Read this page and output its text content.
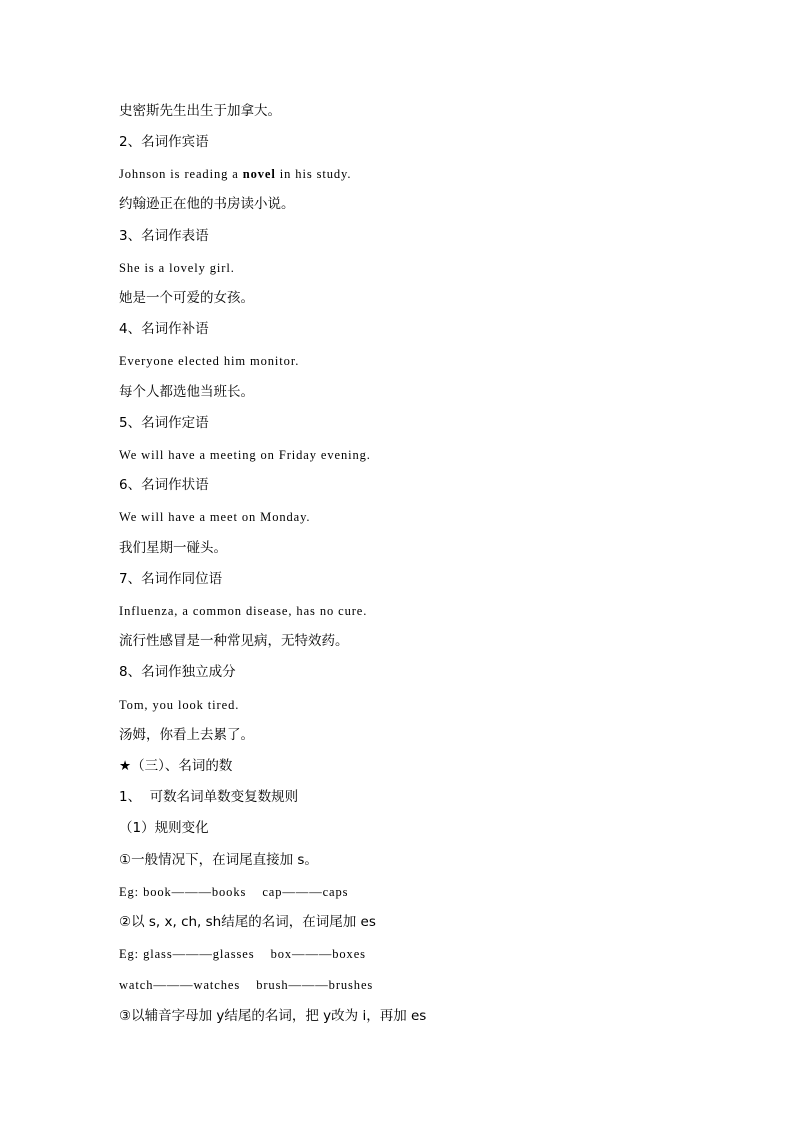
史密斯先生出生于加拿大。
2、名词作宾语
Johnson is reading a novel in his study.
约翰逊正在他的书房读小说。
3、名词作表语
She is a lovely girl.
她是一个可爱的女孩。
4、名词作补语
Everyone elected him monitor.
每个人都选他当班长。
5、名词作定语
We will have a meeting on Friday evening.
6、名词作状语
We will have a meet on Monday.
我们星期一碰头。
7、名词作同位语
Influenza, a common disease, has no cure.
流行性感冒是一种常见病，无特效药。
8、名词作独立成分
Tom, you look tired.
汤姆，你看上去累了。
★（三）、名词的数
1、  可数名词单数变复数规则
（1）规则变化
①一般情况下，在词尾直接加 s。
Eg: book———books    cap———caps
②以 s, x, ch, sh结尾的名词，在词尾加 es
Eg: glass———glasses    box———boxes
watch———watches    brush———brushes
③以辅音字母加 y结尾的名词，把 y改为 i，再加 es
